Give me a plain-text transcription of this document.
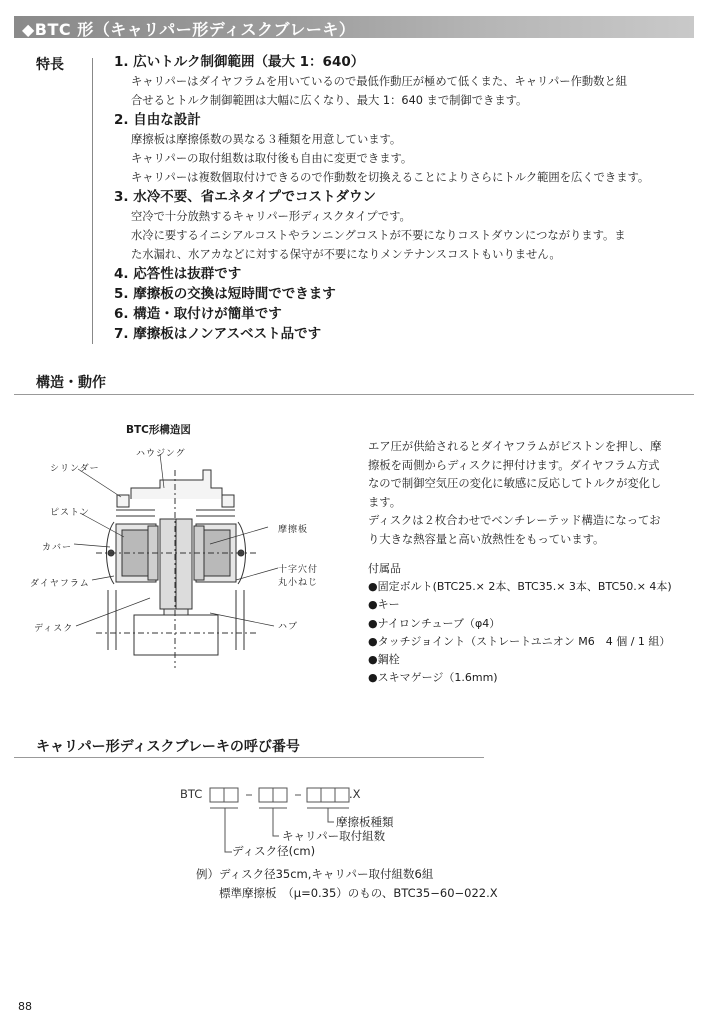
◆BTC 形（キャリパー形ディスクブレーキ）
特長	1. 広いトルク制御範囲（最大 1：640）
キャリパーはダイヤフラムを用いているので最低作動圧が極めて低くまた、キャリパー作動数と組
合せるとトルク制御範囲は大幅に広くなり、最大 1：640 まで制御できます。
2. 自由な設計
摩擦板は摩擦係数の異なる３種類を用意しています。
キャリパーの取付組数は取付後も自由に変更できます。
キャリパーは複数個取付けできるので作動数を切換えることによりさらにトルク範囲を広くできます。
3. 水冷不要、省エネタイプでコストダウン
空冷で十分放熱するキャリパー形ディスクタイプです。
水冷に要するイニシアルコストやランニングコストが不要になりコストダウンにつながります。ま
た水漏れ、水アカなどに対する保守が不要になりメンテナンスコストもいりません。
4. 応答性は抜群です
5. 摩擦板の交換は短時間でできます
6. 構造・取付けが簡単です
7. 摩擦板はノンアスベスト品です
構造・動作
BTC形構造図
ハウジング
シリンダー
ピストン
カバー
ダイヤフラム
ディスク
摩擦板
十字穴付
丸小ねじ
ハブ
エア圧が供給されるとダイヤフラムがピストンを押し、摩
擦板を両側からディスクに押付けます。ダイヤフラム方式
なので制御空気圧の変化に敏感に反応してトルクが変化し
ます。
ディスクは２枚合わせでベンチレーテッド構造になってお
り大きな熱容量と高い放熱性をもっています。
付属品
●固定ボルト(BTC25.× 2本、BTC35.× 3本、BTC50.× 4本)
●キー
●ナイロンチューブ（φ4）
●タッチジョイント（ストレートユニオン M6　4 個 / 1 組）
●鋼栓
●スキマゲージ（1.6mm)
キャリパー形ディスクブレーキの呼び番号
BTC	.X
摩擦板種類
キャリパー取付組数
ディスク径(cm)
例）ディスク径35cm,キャリパー取付組数6組
標準摩擦板　（μ=0.35）のもの、BTC35−60−022.X
88
